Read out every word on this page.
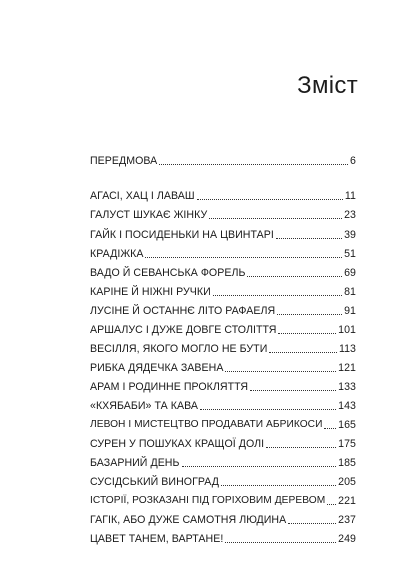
Зміст
ПЕРЕДМОВА	6
АГАСІ, ХАЦ І ЛАВАШ	11
ГАЛУСТ ШУКАЄ ЖІНКУ	23
ГАЙК І ПОСИДЕНЬКИ НА ЦВИНТАРІ	39
КРАДІЖКА	51
ВАДО Й СЕВАНСЬКА ФОРЕЛЬ	69
КАРІНЕ Й НІЖНІ РУЧКИ	81
ЛУСІНЕ Й ОСТАННЄ ЛІТО РАФАЕЛЯ	91
АРШАЛУС І ДУЖЕ ДОВГЕ СТОЛІТТЯ	101
ВЕСІЛЛЯ, ЯКОГО МОГЛО НЕ БУТИ	113
РИБКА ДЯДЕЧКА ЗАВЕНА	121
АРАМ І РОДИННЕ ПРОКЛЯТТЯ	133
«КХЯБАБИ» ТА КАВА	143
ЛЕВОН І МИСТЕЦТВО ПРОДАВАТИ АБРИКОСИ 165
СУРЕН У ПОШУКАХ КРАЩОЇ ДОЛІ	175
БАЗАРНИЙ ДЕНЬ	185
СУСІДСЬКИЙ ВИНОГРАД	205
ІСТОРІЇ, РОЗКАЗАНІ ПІД ГОРІХОВИМ ДЕРЕВОМ 221
ГАГІК, АБО ДУЖЕ САМОТНЯ ЛЮДИНА	237
ЦАВЕТ ТАНЕМ, ВАРТАНЕ!	249
